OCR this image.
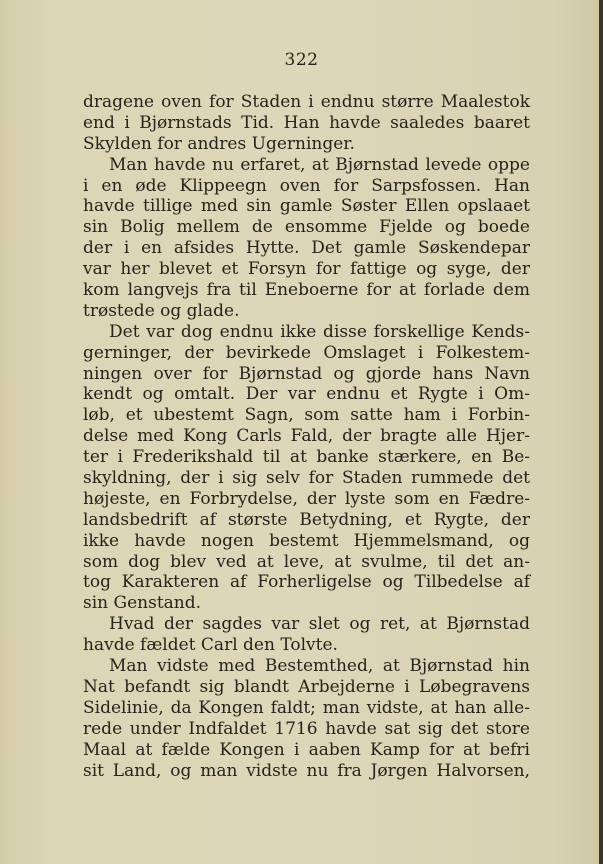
322
dragene oven for Staden i endnu større Maalestok
end i Bjørnstads Tid. Han havde saaledes baaret
Skylden for andres Ugerninger.
Man havde nu erfaret, at Bjørnstad levede oppe
i en øde Klippeegn oven for Sarpsfossen. Han
havde tillige med sin gamle Søster Ellen opslaaet
sin Bolig mellem de ensomme Fjelde og boede
der i en afsides Hytte. Det gamle Søskendepar
var her blevet et Forsyn for fattige og syge, der
kom langvejs fra til Eneboerne for at forlade dem
trøstede og glade.
Det var dog endnu ikke disse forskellige Kends-
gerninger, der bevirkede Omslaget i Folkestem-
ningen over for Bjørnstad og gjorde hans Navn
kendt og omtalt. Der var endnu et Rygte i Om-
løb, et ubestemt Sagn, som satte ham i Forbin-
delse med Kong Carls Fald, der bragte alle Hjer-
ter i Frederikshald til at banke stærkere, en Be-
skyldning, der i sig selv for Staden rummede det
højeste, en Forbrydelse, der lyste som en Fædre-
landsbedrift af største Betydning, et Rygte, der
ikke havde nogen bestemt Hjemmelsmand, og
som dog blev ved at leve, at svulme, til det an-
tog Karakteren af Forherligelse og Tilbedelse af
sin Genstand.
Hvad der sagdes var slet og ret, at Bjørnstad
havde fældet Carl den Tolvte.
Man vidste med Bestemthed, at Bjørnstad hin
Nat befandt sig blandt Arbejderne i Løbegravens
Sidelinie, da Kongen faldt; man vidste, at han alle-
rede under Indfaldet 1716 havde sat sig det store
Maal at fælde Kongen i aaben Kamp for at befri
sit Land, og man vidste nu fra Jørgen Halvorsen,
